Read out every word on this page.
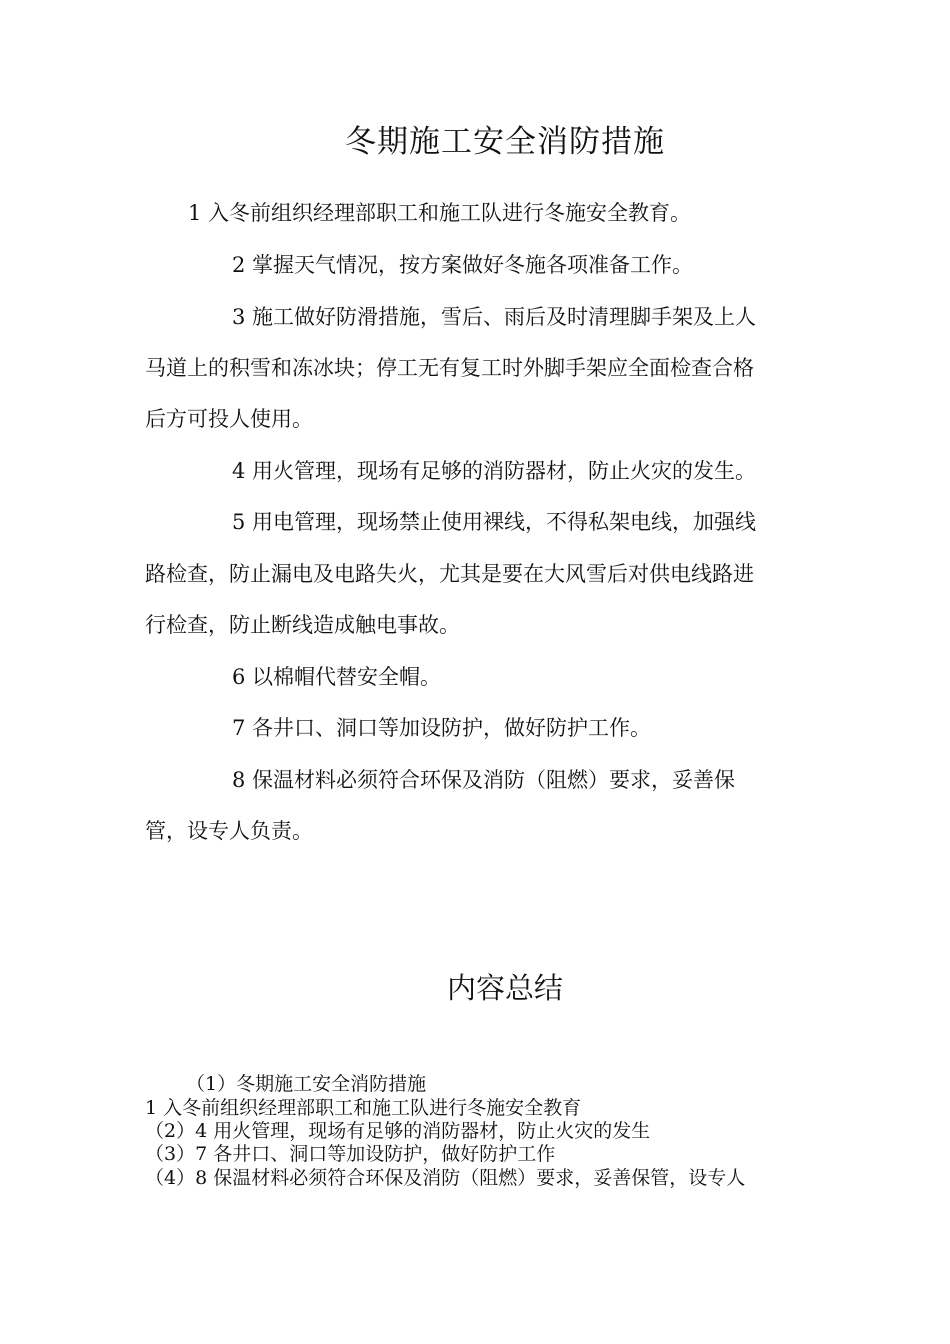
冬期施工安全消防措施

1 入冬前组织经理部职工和施工队进行冬施安全教育。

2 掌握天气情况，按方案做好冬施各项准备工作。

3 施工做好防滑措施，雪后、雨后及时清理脚手架及上人

马道上的积雪和冻冰块；停工无有复工时外脚手架应全面检查合格

后方可投人使用。

4 用火管理，现场有足够的消防器材，防止火灾的发生。

5 用电管理，现场禁止使用裸线，不得私架电线，加强线

路检查，防止漏电及电路失火，尤其是要在大风雪后对供电线路进

行检查，防止断线造成触电事故。

6 以棉帽代替安全帽。

7 各井口、洞口等加设防护，做好防护工作。

8 保温材料必须符合环保及消防（阻燃）要求，妥善保

管，设专人负责。

内容总结

（1）冬期施工安全消防措施

1 入冬前组织经理部职工和施工队进行冬施安全教育

（2）4 用火管理，现场有足够的消防器材，防止火灾的发生

（3）7 各井口、洞口等加设防护，做好防护工作

（4）8 保温材料必须符合环保及消防（阻燃）要求，妥善保管，设专人
